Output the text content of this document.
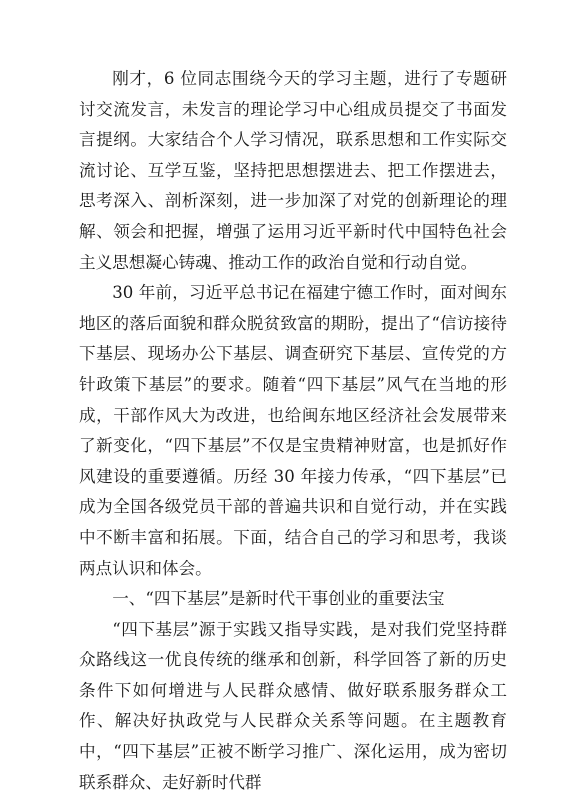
刚才，6 位同志围绕今天的学习主题，进行了专题研讨交流发言，未发言的理论学习中心组成员提交了书面发言提纲。大家结合个人学习情况，联系思想和工作实际交流讨论、互学互鉴，坚持把思想摆进去、把工作摆进去，思考深入、剖析深刻，进一步加深了对党的创新理论的理解、领会和把握，增强了运用习近平新时代中国特色社会主义思想凝心铸魂、推动工作的政治自觉和行动自觉。

30 年前，习近平总书记在福建宁德工作时，面对闽东地区的落后面貌和群众脱贫致富的期盼，提出了“信访接待下基层、现场办公下基层、调查研究下基层、宣传党的方针政策下基层”的要求。随着“四下基层”风气在当地的形成，干部作风大为改进，也给闽东地区经济社会发展带来了新变化，“四下基层”不仅是宝贵精神财富，也是抓好作风建设的重要遵循。历经 30 年接力传承，“四下基层”已成为全国各级党员干部的普遍共识和自觉行动，并在实践中不断丰富和拓展。下面，结合自己的学习和思考，我谈两点认识和体会。

一、“四下基层”是新时代干事创业的重要法宝

“四下基层”源于实践又指导实践，是对我们党坚持群众路线这一优良传统的继承和创新，科学回答了新的历史条件下如何增进与人民群众感情、做好联系服务群众工作、解决好执政党与人民群众关系等问题。在主题教育中，“四下基层”正被不断学习推广、深化运用，成为密切联系群众、走好新时代群
